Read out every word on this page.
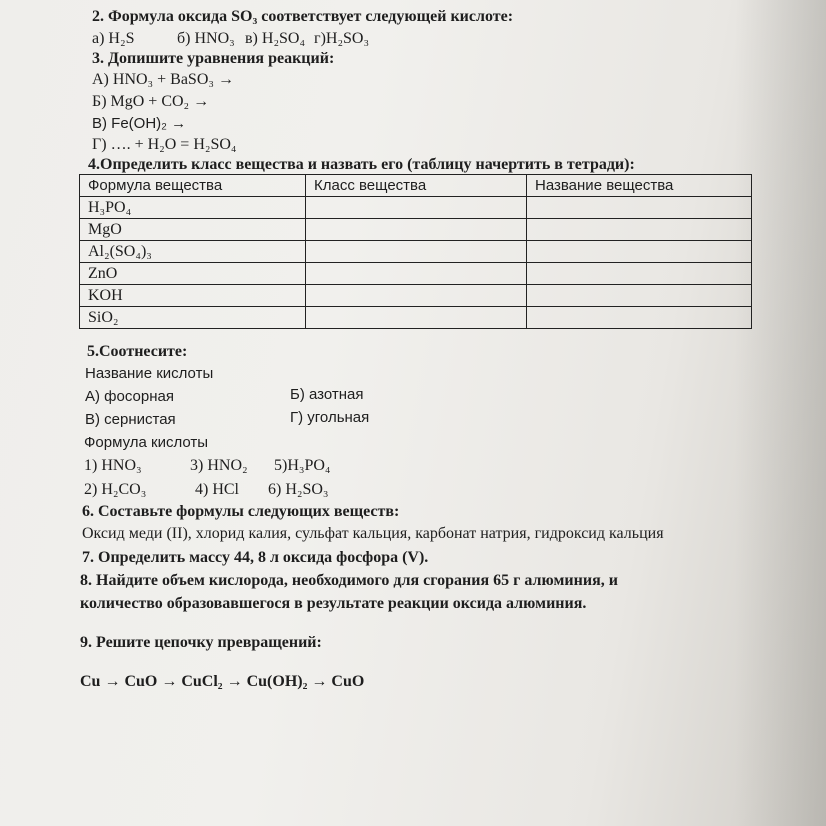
2. Формула оксида SO₃ соответствует следующей кислоте:
а) H₂S	б) HNO₃ в) H₂SO₄ г)H₂SO₃
3. Допишите уравнения реакций:
А) HNO₃ + BaSO₃ →
Б) MgO + CO₂ →
В) Fe(OH)₂ →
Г) …. + H₂O = H₂SO₄
4.Определить класс вещества и назвать его (таблицу начертить в тетради):
Формула вещества	Класс вещества	Название вещества
H₃PO₄		
MgO		
Al₂(SO₄)₃		
ZnO		
KOH		
SiO₂		
5.Соотнесите:
Название кислоты
А) фосорная	Б) азотная
В) сернистая	Г) угольная
Формула кислоты
1) HNO₃	3) HNO₂ 5)H₃PO₄
2) H₂CO₃	4) HCl 6) H₂SO₃
6. Составьте формулы следующих веществ:
Оксид меди (II), хлорид калия, сульфат кальция, карбонат натрия, гидроксид кальция
7. Определить массу 44, 8 л оксида фосфора (V).
8. Найдите объем кислорода, необходимого для сгорания 65 г алюминия, и
количество образовавшегося в результате реакции оксида алюминия.
9. Решите цепочку превращений:
Cu → CuO → CuCl₂ → Cu(OH)₂ → CuO
